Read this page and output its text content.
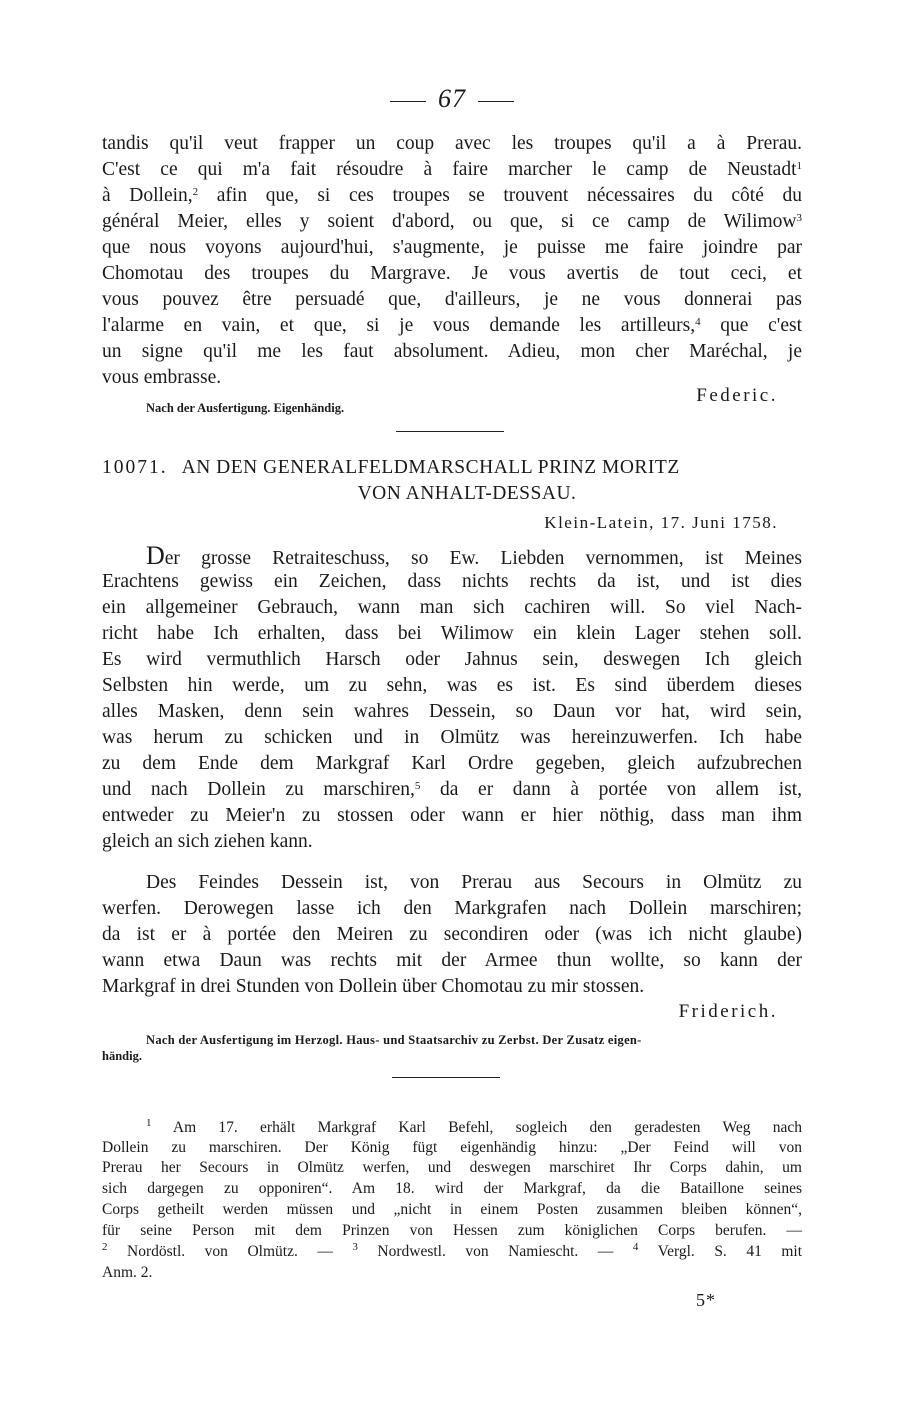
67
tandis qu'il veut frapper un coup avec les troupes qu'il a à Prerau.
C'est ce qui m'a fait résoudre à faire marcher le camp de Neustadt$^1$
à Dollein,$^2$ afin que, si ces troupes se trouvent nécessaires du côté du
général Meier, elles y soient d'abord, ou que, si ce camp de Wilimow$^3$
que nous voyons aujourd'hui, s'augmente, je puisse me faire joindre par
Chomotau des troupes du Margrave. Je vous avertis de tout ceci, et
vous pouvez être persuadé que, d'ailleurs, je ne vous donnerai pas
l'alarme en vain, et que, si je vous demande les artilleurs,$^4$ que c'est
un signe qu'il me les faut absolument. Adieu, mon cher Maréchal, je
vous embrasse.
Nach der Ausfertigung. Eigenhändig.
Federic.
10071. AN DEN GENERALFELDMARSCHALL PRINZ MORITZ
VON ANHALT-DESSAU.
Klein-Latein, 17. Juni 1758.
Der grosse Retraiteschuss, so Ew. Liebden vernommen, ist Meines
Erachtens gewiss ein Zeichen, dass nichts rechts da ist, und ist dies
ein allgemeiner Gebrauch, wann man sich cachiren will. So viel Nach-
richt habe Ich erhalten, dass bei Wilimow ein klein Lager stehen soll.
Es wird vermuthlich Harsch oder Jahnus sein, deswegen Ich gleich
Selbsten hin werde, um zu sehn, was es ist. Es sind überdem dieses
alles Masken, denn sein wahres Dessein, so Daun vor hat, wird sein,
was herum zu schicken und in Olmütz was hereinzuwerfen. Ich habe
zu dem Ende dem Markgraf Karl Ordre gegeben, gleich aufzubrechen
und nach Dollein zu marschiren,$^5$ da er dann à portée von allem ist,
entweder zu Meier'n zu stossen oder wann er hier nöthig, dass man ihm
gleich an sich ziehen kann.
Des Feindes Dessein ist, von Prerau aus Secours in Olmütz zu
werfen. Derowegen lasse ich den Markgrafen nach Dollein marschiren;
da ist er à portée den Meiren zu secondiren oder (was ich nicht glaube)
wann etwa Daun was rechts mit der Armee thun wollte, so kann der
Markgraf in drei Stunden von Dollein über Chomotau zu mir stossen.
Friderich.
Nach der Ausfertigung im Herzogl. Haus- und Staatsarchiv zu Zerbst. Der Zusatz eigen-
händig.
$^1$ Am 17. erhält Markgraf Karl Befehl, sogleich den geradesten Weg nach
Dollein zu marschiren. Der König fügt eigenhändig hinzu: „Der Feind will von
Prerau her Secours in Olmütz werfen, und deswegen marschiret Ihr Corps dahin, um
sich dargegen zu opponiren“. Am 18. wird der Markgraf, da die Bataillone seines
Corps getheilt werden müssen und „nicht in einem Posten zusammen bleiben können“,
für seine Person mit dem Prinzen von Hessen zum königlichen Corps berufen. —
$^2$ Nordöstl. von Olmütz. — $^3$ Nordwestl. von Namiescht. — $^4$ Vergl. S. 41 mit
Anm. 2.
5*
